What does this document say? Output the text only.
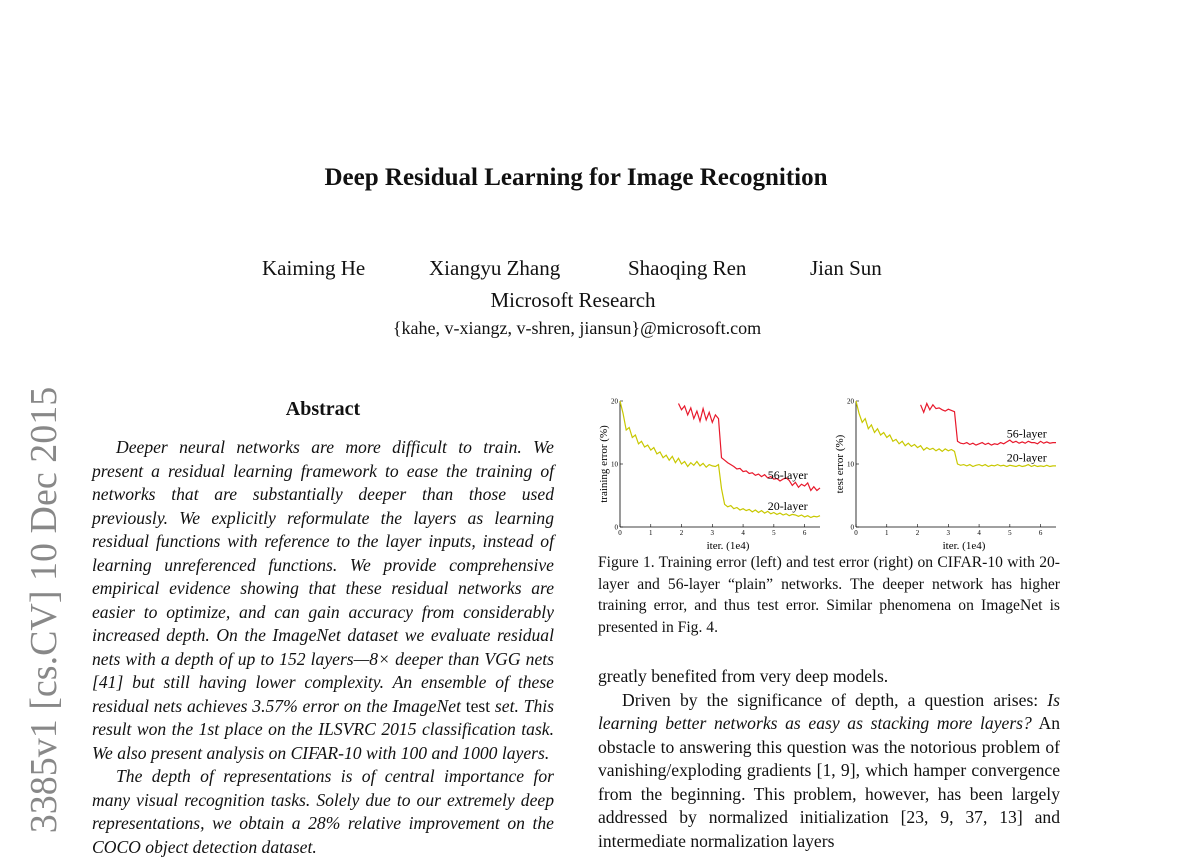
Deep Residual Learning for Image Recognition
Kaiming He	Xiangyu Zhang	Shaoqing Ren	Jian Sun
Microsoft Research
{kahe, v-xiangz, v-shren, jiansun}@microsoft.com
3385v1 [cs.CV] 10 Dec 2015	Abstract

Deeper neural networks are more difficult to train. We present a residual learning framework to ease the training of networks that are substantially deeper than those used previously. We explicitly reformulate the layers as learning residual functions with reference to the layer inputs, instead of learning unreferenced functions. We provide comprehensive empirical evidence showing that these residual networks are easier to optimize, and can gain accuracy from considerably increased depth. On the ImageNet dataset we evaluate residual nets with a depth of up to 152 layers—8× deeper than VGG nets [41] but still having lower complexity. An ensemble of these residual nets achieves 3.57% error on the ImageNet test set. This result won the 1st place on the ILSVRC 2015 classification task. We also present analysis on CIFAR-10 with 100 and 1000 layers.

The depth of representations is of central importance for many visual recognition tasks. Solely due to our extremely deep representations, we obtain a 28% relative improvement on the COCO object detection dataset.

0	1	2	3	4	5	6
0
10
20
iter. (1e4)
training error (%)	56-layer
20-layer
0	1	2	3	4	5	6
0
10
20
iter. (1e4)
test error (%)
56-layer
20-layer
Figure 1. Training error (left) and test error (right) on CIFAR-10 with 20-layer and 56-layer “plain” networks. The deeper network has higher training error, and thus test error. Similar phenomena on ImageNet is presented in Fig. 4.

greatly benefited from very deep models.

Driven by the significance of depth, a question arises: Is learning better networks as easy as stacking more layers? An obstacle to answering this question was the notorious problem of vanishing/exploding gradients [1, 9], which hamper convergence from the beginning. This problem, however, has been largely addressed by normalized initialization [23, 9, 37, 13] and intermediate normalization layers
